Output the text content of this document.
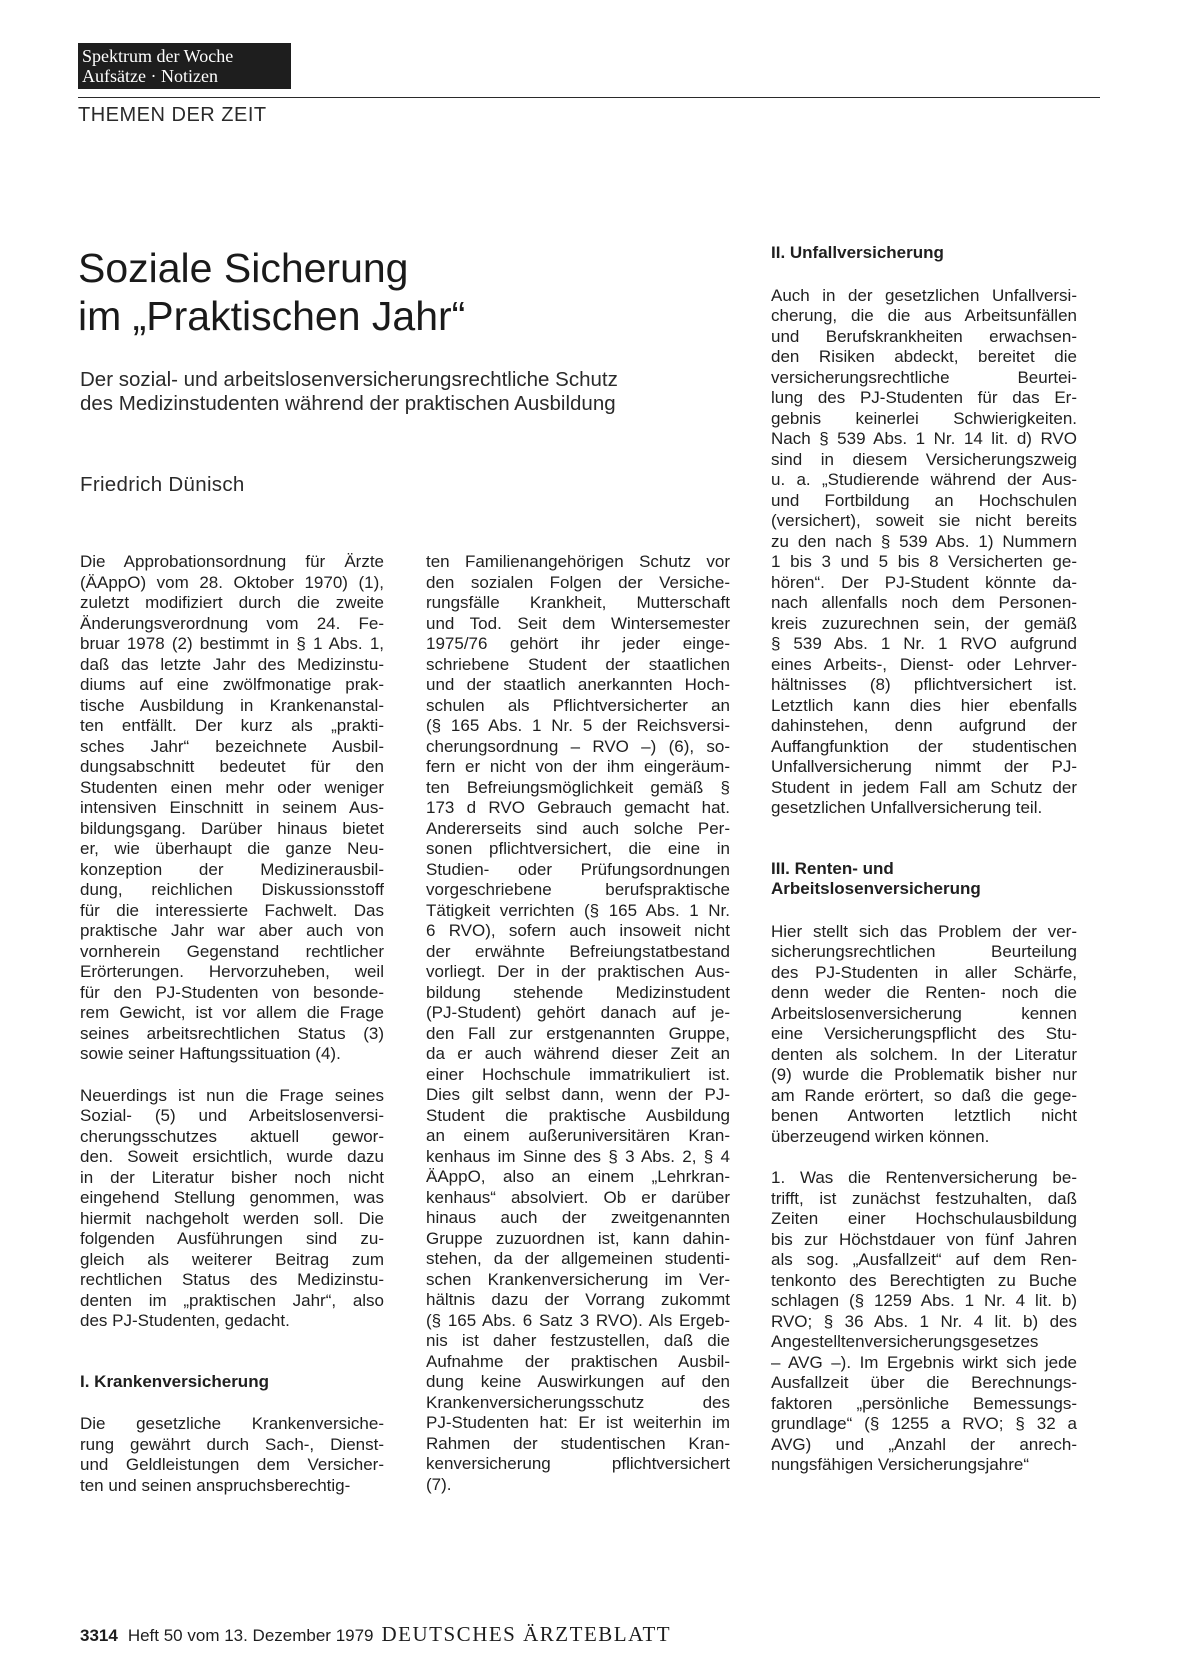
Spektrum der Woche
Aufsätze · Notizen
THEMEN DER ZEIT
Soziale Sicherung
im „Praktischen Jahr“
Der sozial- und arbeitslosenversicherungsrechtliche Schutz
des Medizinstudenten während der praktischen Ausbildung
Friedrich Dünisch
Die Approbationsordnung für Ärzte
(ÄAppO) vom 28. Oktober 1970) (1),
zuletzt modifiziert durch die zweite
Änderungsverordnung vom 24. Fe-
bruar 1978 (2) bestimmt in § 1 Abs. 1,
daß das letzte Jahr des Medizinstu-
diums auf eine zwölfmonatige prak-
tische Ausbildung in Krankenanstal-
ten entfällt. Der kurz als „prakti-
sches Jahr“ bezeichnete Ausbil-
dungsabschnitt bedeutet für den
Studenten einen mehr oder weniger
intensiven Einschnitt in seinem Aus-
bildungsgang. Darüber hinaus bietet
er, wie überhaupt die ganze Neu-
konzeption der Medizinerausbil-
dung, reichlichen Diskussionsstoff
für die interessierte Fachwelt. Das
praktische Jahr war aber auch von
vornherein Gegenstand rechtlicher
Erörterungen. Hervorzuheben, weil
für den PJ-Studenten von besonde-
rem Gewicht, ist vor allem die Frage
seines arbeitsrechtlichen Status (3)
sowie seiner Haftungssituation (4).
Neuerdings ist nun die Frage seines
Sozial- (5) und Arbeitslosenversi-
cherungsschutzes aktuell gewor-
den. Soweit ersichtlich, wurde dazu
in der Literatur bisher noch nicht
eingehend Stellung genommen, was
hiermit nachgeholt werden soll. Die
folgenden Ausführungen sind zu-
gleich als weiterer Beitrag zum
rechtlichen Status des Medizinstu-
denten im „praktischen Jahr“, also
des PJ-Studenten, gedacht.
I. Krankenversicherung
Die gesetzliche Krankenversiche-
rung gewährt durch Sach-, Dienst-
und Geldleistungen dem Versicher-
ten und seinen anspruchsberechtig-
ten Familienangehörigen Schutz vor
den sozialen Folgen der Versiche-
rungsfälle Krankheit, Mutterschaft
und Tod. Seit dem Wintersemester
1975/76 gehört ihr jeder einge-
schriebene Student der staatlichen
und der staatlich anerkannten Hoch-
schulen als Pflichtversicherter an
(§ 165 Abs. 1 Nr. 5 der Reichsversi-
cherungsordnung – RVO –) (6), so-
fern er nicht von der ihm eingeräum-
ten Befreiungsmöglichkeit gemäß §
173 d RVO Gebrauch gemacht hat.
Andererseits sind auch solche Per-
sonen pflichtversichert, die eine in
Studien- oder Prüfungsordnungen
vorgeschriebene berufspraktische
Tätigkeit verrichten (§ 165 Abs. 1 Nr.
6 RVO), sofern auch insoweit nicht
der erwähnte Befreiungstatbestand
vorliegt. Der in der praktischen Aus-
bildung stehende Medizinstudent
(PJ-Student) gehört danach auf je-
den Fall zur erstgenannten Gruppe,
da er auch während dieser Zeit an
einer Hochschule immatrikuliert ist.
Dies gilt selbst dann, wenn der PJ-
Student die praktische Ausbildung
an einem außeruniversitären Kran-
kenhaus im Sinne des § 3 Abs. 2, § 4
ÄAppO, also an einem „Lehrkran-
kenhaus“ absolviert. Ob er darüber
hinaus auch der zweitgenannten
Gruppe zuzuordnen ist, kann dahin-
stehen, da der allgemeinen studenti-
schen Krankenversicherung im Ver-
hältnis dazu der Vorrang zukommt
(§ 165 Abs. 6 Satz 3 RVO). Als Ergeb-
nis ist daher festzustellen, daß die
Aufnahme der praktischen Ausbil-
dung keine Auswirkungen auf den
Krankenversicherungsschutz des
PJ-Studenten hat: Er ist weiterhin im
Rahmen der studentischen Kran-
kenversicherung pflichtversichert
(7).
II. Unfallversicherung
Auch in der gesetzlichen Unfallversi-
cherung, die die aus Arbeitsunfällen
und Berufskrankheiten erwachsen-
den Risiken abdeckt, bereitet die
versicherungsrechtliche Beurtei-
lung des PJ-Studenten für das Er-
gebnis keinerlei Schwierigkeiten.
Nach § 539 Abs. 1 Nr. 14 lit. d) RVO
sind in diesem Versicherungszweig
u. a. „Studierende während der Aus-
und Fortbildung an Hochschulen
(versichert), soweit sie nicht bereits
zu den nach § 539 Abs. 1) Nummern
1 bis 3 und 5 bis 8 Versicherten ge-
hören“. Der PJ-Student könnte da-
nach allenfalls noch dem Personen-
kreis zuzurechnen sein, der gemäß
§ 539 Abs. 1 Nr. 1 RVO aufgrund
eines Arbeits-, Dienst- oder Lehrver-
hältnisses (8) pflichtversichert ist.
Letztlich kann dies hier ebenfalls
dahinstehen, denn aufgrund der
Auffangfunktion der studentischen
Unfallversicherung nimmt der PJ-
Student in jedem Fall am Schutz der
gesetzlichen Unfallversicherung teil.
III. Renten- und
Arbeitslosenversicherung
Hier stellt sich das Problem der ver-
sicherungsrechtlichen Beurteilung
des PJ-Studenten in aller Schärfe,
denn weder die Renten- noch die
Arbeitslosenversicherung kennen
eine Versicherungspflicht des Stu-
denten als solchem. In der Literatur
(9) wurde die Problematik bisher nur
am Rande erörtert, so daß die gege-
benen Antworten letztlich nicht
überzeugend wirken können.
1. Was die Rentenversicherung be-
trifft, ist zunächst festzuhalten, daß
Zeiten einer Hochschulausbildung
bis zur Höchstdauer von fünf Jahren
als sog. „Ausfallzeit“ auf dem Ren-
tenkonto des Berechtigten zu Buche
schlagen (§ 1259 Abs. 1 Nr. 4 lit. b)
RVO; § 36 Abs. 1 Nr. 4 lit. b) des
Angestelltenversicherungsgesetzes
– AVG –). Im Ergebnis wirkt sich jede
Ausfallzeit über die Berechnungs-
faktoren „persönliche Bemessungs-
grundlage“ (§ 1255 a RVO; § 32 a
AVG) und „Anzahl der anrech-
nungsfähigen Versicherungsjahre“
3314 Heft 50 vom 13. Dezember 1979 DEUTSCHES ÄRZTEBLATT
